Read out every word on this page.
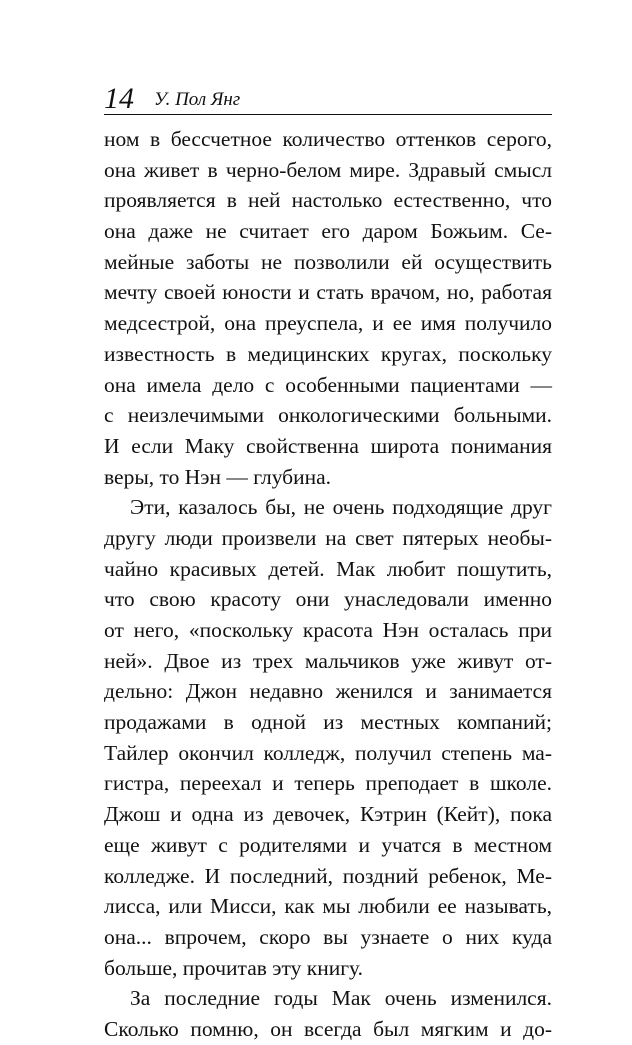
14 У. Пол Янг
ном в бессчетное количество оттенков серого,
она живет в черно-белом мире. Здравый смысл
проявляется в ней настолько естественно, что
она даже не считает его даром Божьим. Се-
мейные заботы не позволили ей осуществить
мечту своей юности и стать врачом, но, работая
медсестрой, она преуспела, и ее имя получило
известность в медицинских кругах, поскольку
она имела дело с особенными пациентами —
с неизлечимыми онкологическими больными.
И если Маку свойственна широта понимания
веры, то Нэн — глубина.
Эти, казалось бы, не очень подходящие друг
другу люди произвели на свет пятерых необы-
чайно красивых детей. Мак любит пошутить,
что свою красоту они унаследовали именно
от него, «поскольку красота Нэн осталась при
ней». Двое из трех мальчиков уже живут от-
дельно: Джон недавно женился и занимается
продажами в одной из местных компаний;
Тайлер окончил колледж, получил степень ма-
гистра, переехал и теперь преподает в школе.
Джош и одна из девочек, Кэтрин (Кейт), пока
еще живут с родителями и учатся в местном
колледже. И последний, поздний ребенок, Ме-
лисса, или Мисси, как мы любили ее называть,
она... впрочем, скоро вы узнаете о них куда
больше, прочитав эту книгу.
За последние годы Мак очень изменился.
Сколько помню, он всегда был мягким и до-
